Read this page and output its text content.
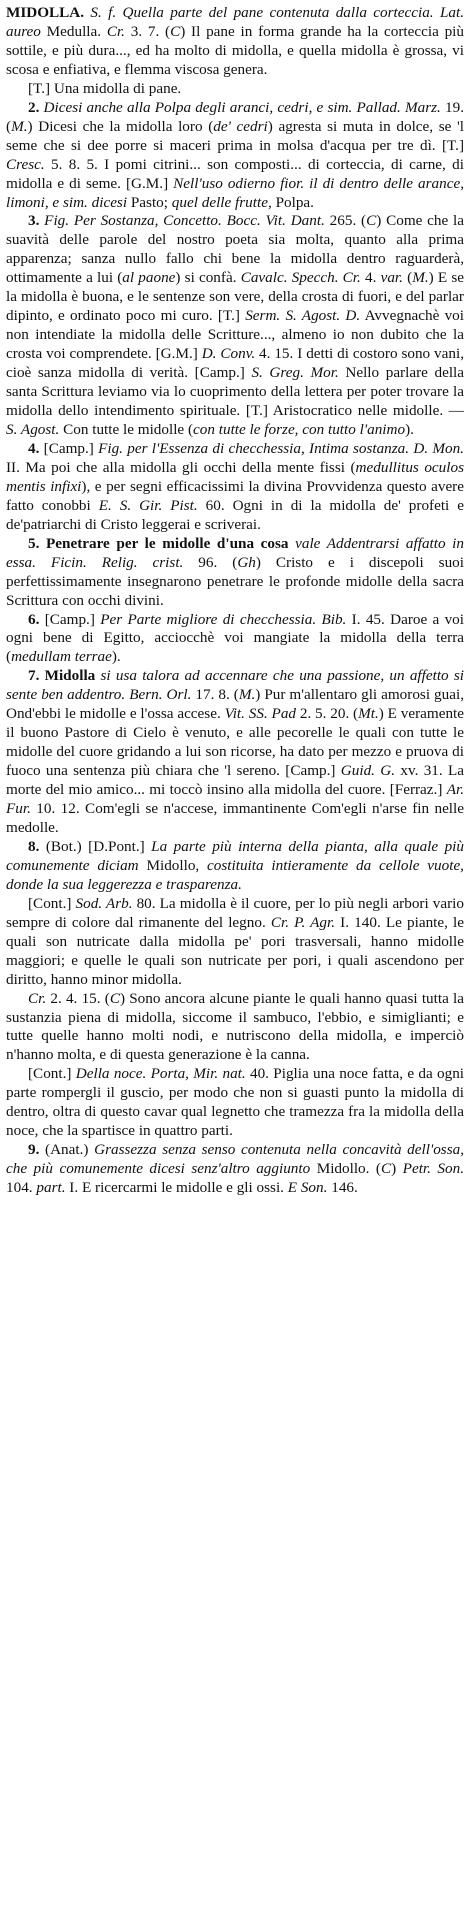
MIDOLLA. S. f. Quella parte del pane contenuta dalla corteccia. Lat. aureo Medulla. Cr. 3. 7. (C) Il pane in forma grande ha la corteccia più sottile, e più dura..., ed ha molto di midolla, e quella midolla è grossa, vi scosa e enfiativa, e flemma viscosa genera.

[T.] Una midolla di pane.

2. Dicesi anche alla Polpa degli aranci, cedri, e sim. Pallad. Marz. 19. (M.) Dicesi che la midolla loro (de' cedri) agresta si muta in dolce, se 'l seme che si dee porre si maceri prima in molsa d'acqua per tre dì. [T.] Cresc. 5. 8. 5. I pomi citrini... son composti... di corteccia, di carne, di midolla e di seme. [G.M.] Nell'uso odierno fior. il di dentro delle arance, limoni, e sim. dicesi Pasto; quel delle frutte, Polpa.

3. Fig. Per Sostanza, Concetto. Bocc. Vit. Dant. 265. (C) Come che la suavità delle parole del nostro poeta sia molta, quanto alla prima apparenza; sanza nullo fallo chi bene la midolla dentro raguarderà, ottimamente a lui (al paone) si confà. Cavalc. Specch. Cr. 4. var. (M.) E se la midolla è buona, e le sentenze son vere, della crosta di fuori, e del parlar dipinto, e ordinato poco mi curo. [T.] Serm. S. Agost. D. Avvegnachè voi non intendiate la midolla delle Scritture..., almeno io non dubito che la crosta voi comprendete. [G.M.] D. Conv. 4. 15. I detti di costoro sono vani, cioè sanza midolla di verità. [Camp.] S. Greg. Mor. Nello parlare della santa Scrittura leviamo via lo cuoprimento della lettera per poter trovare la midolla dello intendimento spirituale. [T.] Aristocratico nelle midolle. — S. Agost. Con tutte le midolle (con tutte le forze, con tutto l'animo).

4. [Camp.] Fig. per l'Essenza di checchessia, Intima sostanza. D. Mon. II. Ma poi che alla midolla gli occhi della mente fissi (medullitus oculos mentis infixi), e per segni efficacissimi la divina Provvidenza questo avere fatto conobbi E. S. Gir. Pist. 60. Ogni in di la midolla de' profeti e de'patriarchi di Cristo leggerai e scriverai.

5. Penetrare per le midolle d'una cosa vale Addentrarsi affatto in essa. Ficin. Relig. crist. 96. (Gh) Cristo e i discepoli suoi perfettissimamente insegnarono penetrare le profonde midolle della sacra Scrittura con occhi divini.

6. [Camp.] Per Parte migliore di checchessia. Bib. I. 45. Daroe a voi ogni bene di Egitto, acciocchè voi mangiate la midolla della terra (medullam terrae).

7. Midolla si usa talora ad accennare che una passione, un affetto si sente ben addentro. Bern. Orl. 17. 8. (M.) Pur m'allentaro gli amorosi guai, Ond'ebbi le midolle e l'ossa accese. Vit. SS. Pad 2. 5. 20. (Mt.) E veramente il buono Pastore di Cielo è venuto, e alle pecorelle le quali con tutte le midolle del cuore gridando a lui son ricorse, ha dato per mezzo e pruova di fuoco una sentenza più chiara che 'l sereno. [Camp.] Guid. G. xv. 31. La morte del mio amico... mi toccò insino alla midolla del cuore. [Ferraz.] Ar. Fur. 10. 12. Com'egli se n'accese, immantinente Com'egli n'arse fin nelle medolle.

8. (Bot.) [D.Pont.] La parte più interna della pianta, alla quale più comunemente diciam Midollo, costituita intieramente da cellole vuote, donde la sua leggerezza e trasparenza.

[Cont.] Sod. Arb. 80. La midolla è il cuore, per lo più negli arbori vario sempre di colore dal rimanente del legno. Cr. P. Agr. I. 140. Le piante, le quali son nutricate dalla midolla pe' pori trasversali, hanno midolle maggiori; e quelle le quali son nutricate per pori, i quali ascendono per diritto, hanno minor midolla.

Cr. 2. 4. 15. (C) Sono ancora alcune piante le quali hanno quasi tutta la sustanzia piena di midolla, siccome il sambuco, l'ebbio, e simiglianti; e tutte quelle hanno molti nodi, e nutriscono della midolla, e imperciò n'hanno molta, e di questa generazione è la canna.

[Cont.] Della noce. Porta, Mir. nat. 40. Piglia una noce fatta, e da ogni parte rompergli il guscio, per modo che non si guasti punto la midolla di dentro, oltra di questo cavar qual legnetto che tramezza fra la midolla della noce, che la spartisce in quattro parti.

9. (Anat.) Grassezza senza senso contenuta nella concavità dell'ossa, che più comunemente dicesi senz'altro aggiunto Midollo. (C) Petr. Son. 104. part. I. E ricercarmi le midolle e gli ossi. E Son. 146.
